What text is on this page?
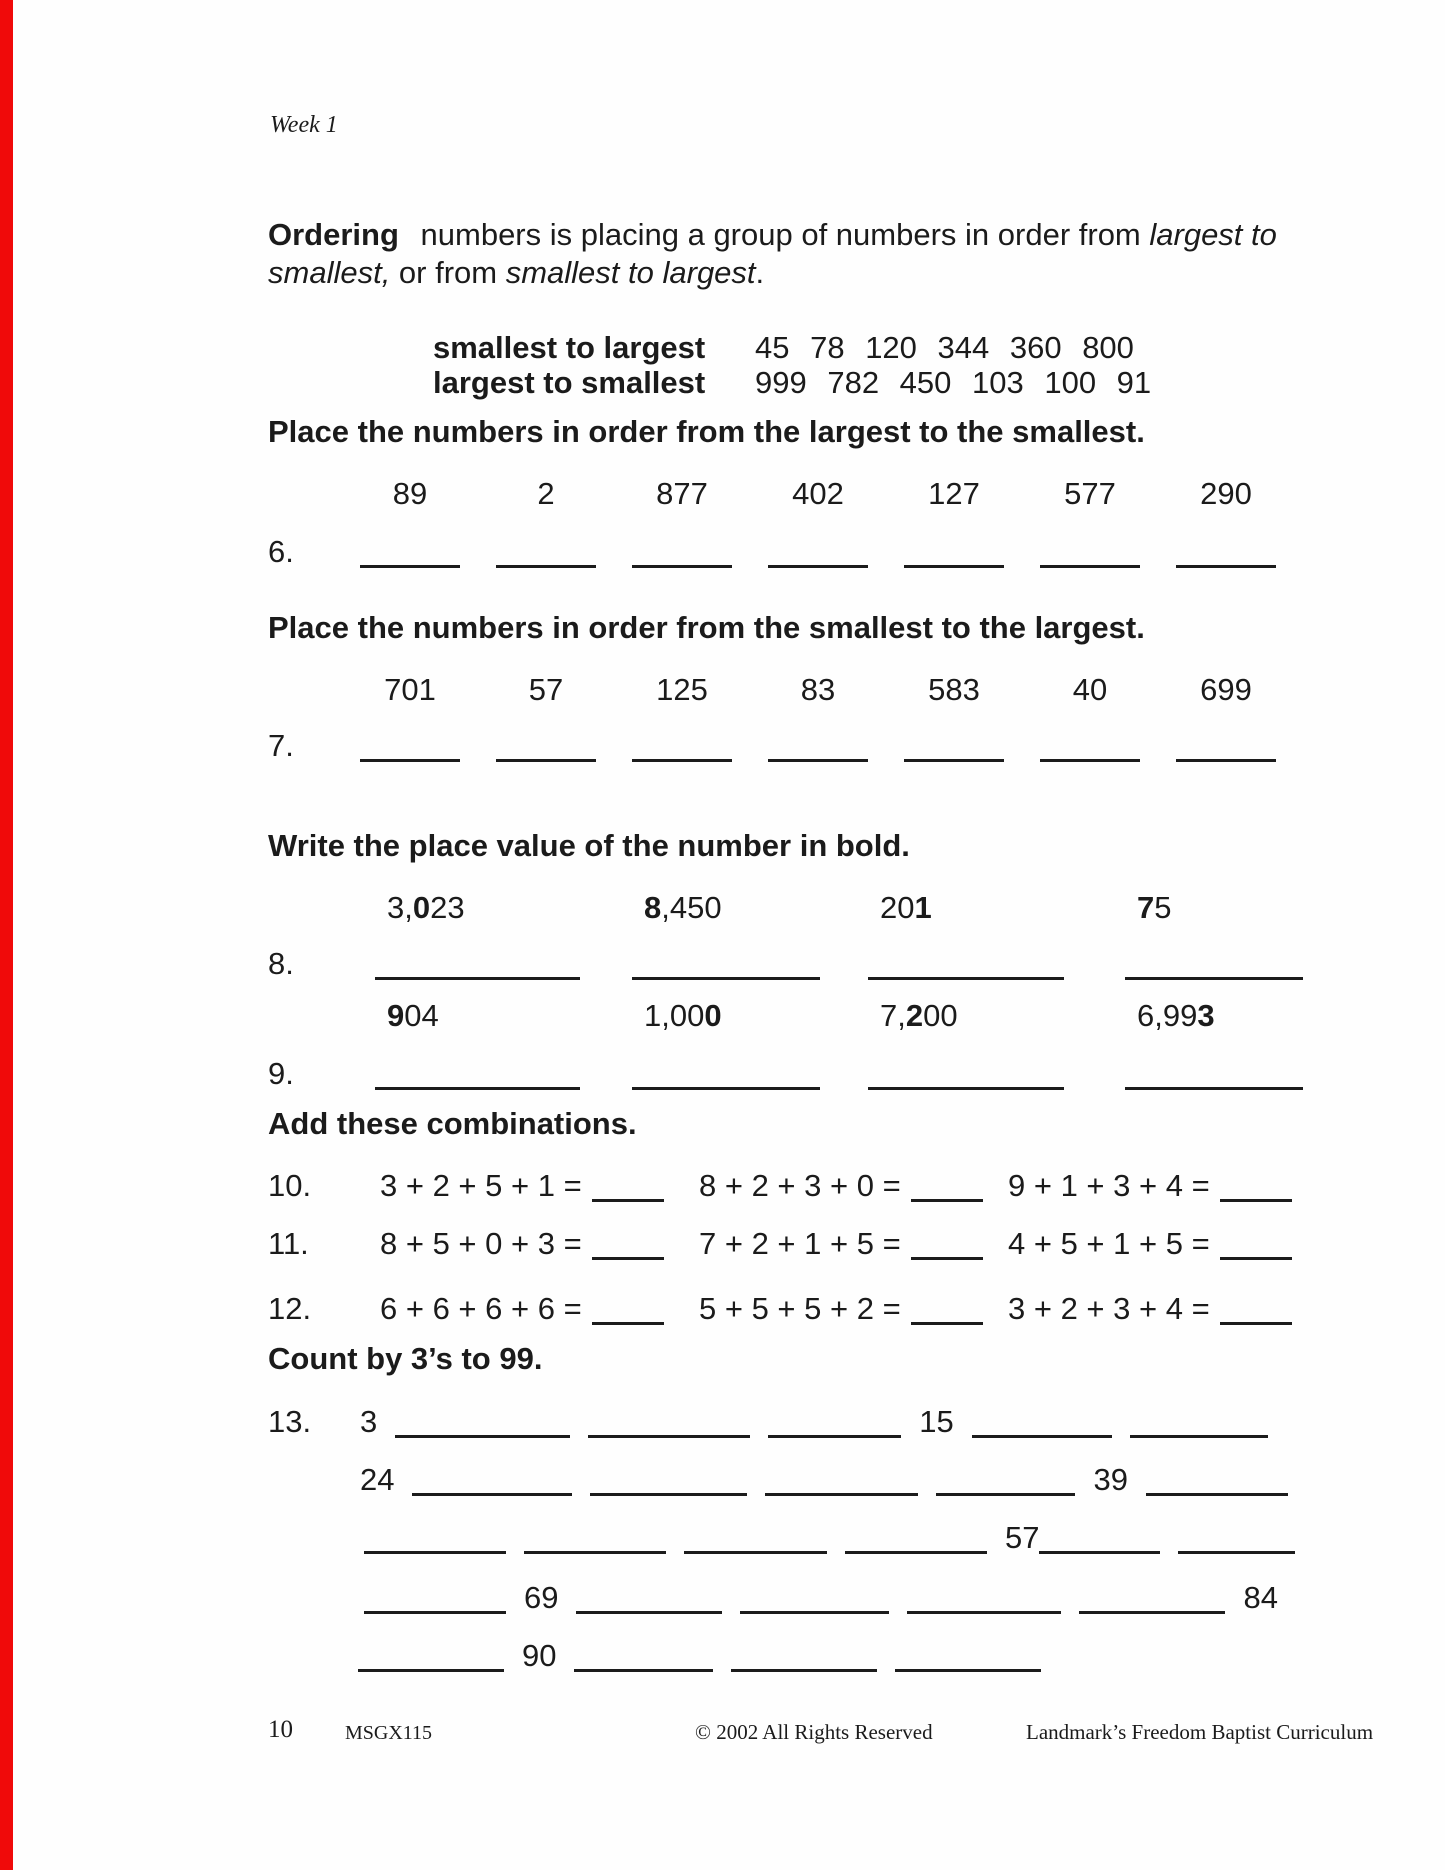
Week 1

Ordering numbers is placing a group of numbers in order from largest to
smallest, or from smallest to largest.

smallest to largest	45 78 120 344 360 800
largest to smallest	999 782 450 103 100 91
Place the numbers in order from the largest to the smallest.
89	2	877	402	127	577	290
6.
Place the numbers in order from the smallest to the largest.
701	57	125	83	583	40	699
7.
Write the place value of the number in bold.
3,023	8,450	201	75
8.
904	1,000	7,200	6,993
9.
Add these combinations.
10. 3 + 2 + 5 + 1 =	8 + 2 + 3 + 0 =	9 + 1 + 3 + 4 =
11. 8 + 5 + 0 + 3 =	7 + 2 + 1 + 5 =	4 + 5 + 1 + 5 =
12. 6 + 6 + 6 + 6 =	5 + 5 + 5 + 2 =	3 + 2 + 3 + 4 =
Count by 3’s to 99.
13. 3	15
24	39
57
69	84
90
10	MSGX115	© 2002 All Rights Reserved	Landmark’s Freedom Baptist Curriculum
